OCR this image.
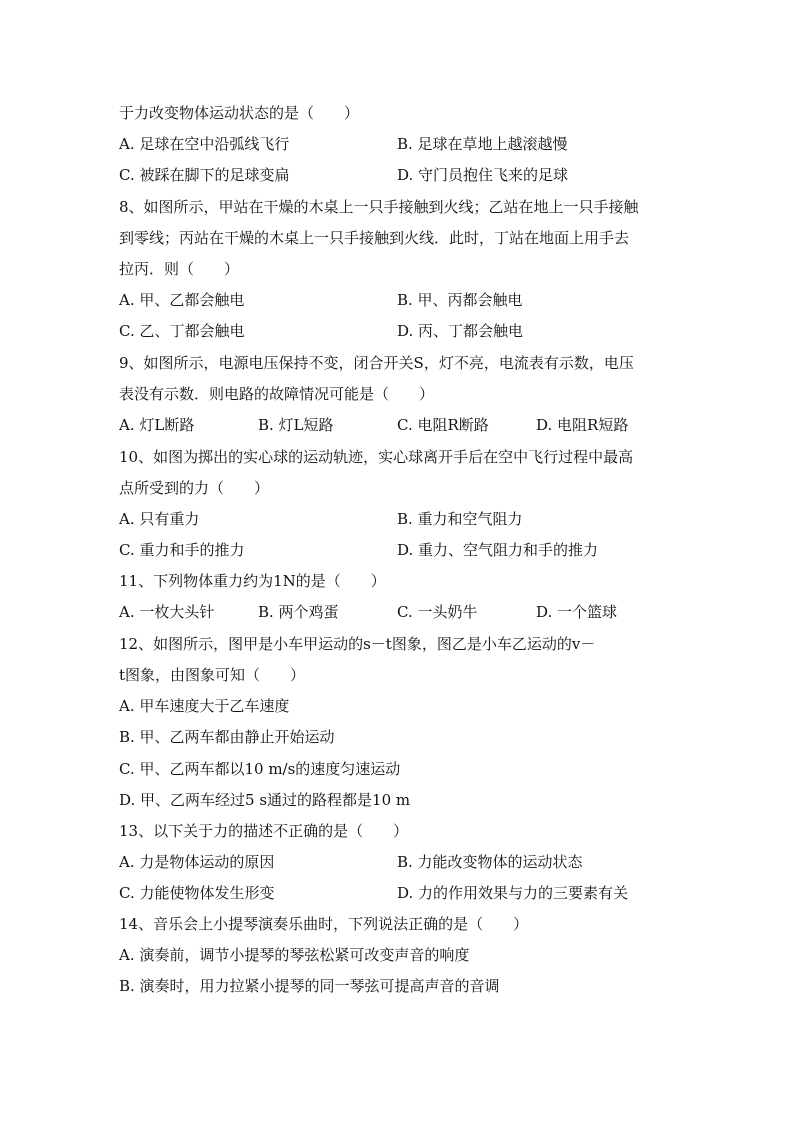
于力改变物体运动状态的是（　　）
A. 足球在空中沿弧线飞行	B. 足球在草地上越滚越慢
C. 被踩在脚下的足球变扁	D. 守门员抱住飞来的足球
8、如图所示，甲站在干燥的木桌上一只手接触到火线；乙站在地上一只手接触
到零线；丙站在干燥的木桌上一只手接触到火线．此时，丁站在地面上用手去
拉丙．则（　　）
A. 甲、乙都会触电	B. 甲、丙都会触电
C. 乙、丁都会触电	D. 丙、丁都会触电
9、如图所示，电源电压保持不变，闭合开关S，灯不亮，电流表有示数，电压
表没有示数．则电路的故障情况可能是（　　）
A. 灯L断路	B. 灯L短路	C. 电阻R断路	D. 电阻R短路
10、如图为掷出的实心球的运动轨迹，实心球离开手后在空中飞行过程中最高
点所受到的力（　　）
A. 只有重力	B. 重力和空气阻力
C. 重力和手的推力	D. 重力、空气阻力和手的推力
11、下列物体重力约为1N的是（　　）
A. 一枚大头针	B. 两个鸡蛋	C. 一头奶牛	D. 一个篮球
12、如图所示，图甲是小车甲运动的s－t图象，图乙是小车乙运动的v－
t图象，由图象可知（　　）
A. 甲车速度大于乙车速度
B. 甲、乙两车都由静止开始运动
C. 甲、乙两车都以10 m/s的速度匀速运动
D. 甲、乙两车经过5 s通过的路程都是10 m
13、以下关于力的描述不正确的是（　　）
A. 力是物体运动的原因	B. 力能改变物体的运动状态
C. 力能使物体发生形变	D. 力的作用效果与力的三要素有关
14、音乐会上小提琴演奏乐曲时，下列说法正确的是（　　）
A. 演奏前，调节小提琴的琴弦松紧可改变声音的响度
B. 演奏时，用力拉紧小提琴的同一琴弦可提高声音的音调
